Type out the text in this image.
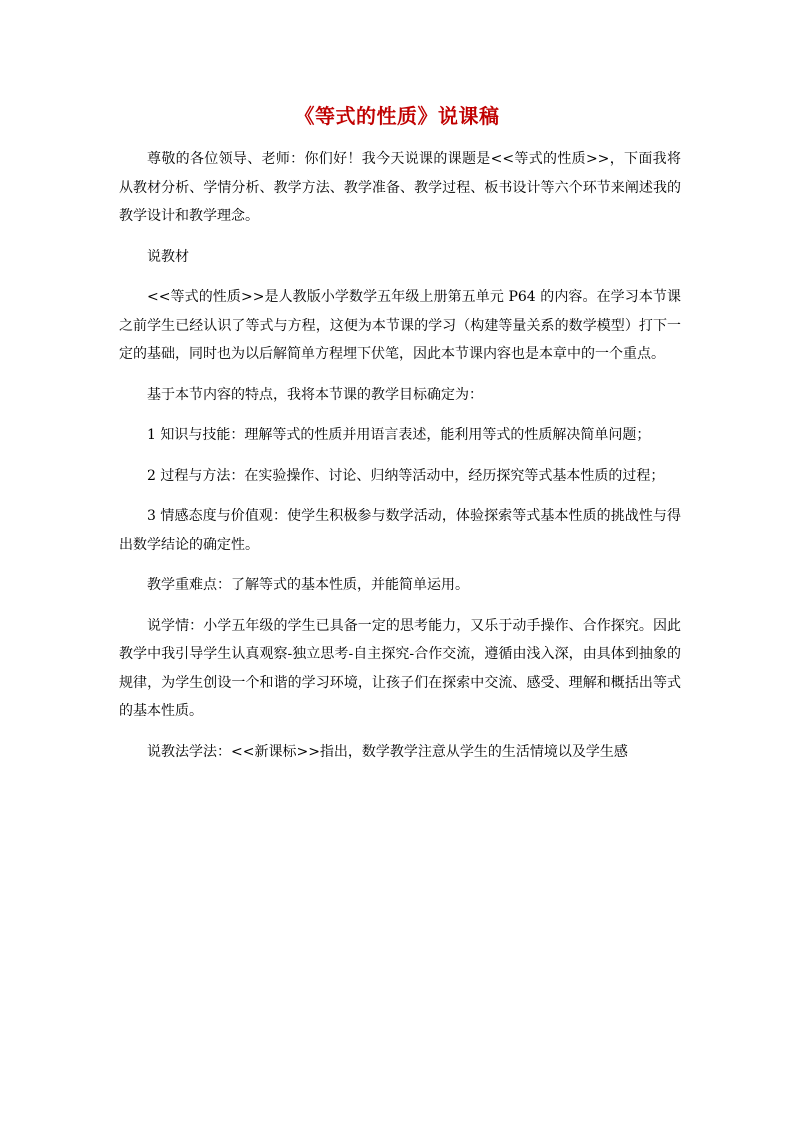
《等式的性质》说课稿

尊敬的各位领导、老师：你们好！我今天说课的课题是<<等式的性质>>，下面我将从教材分析、学情分析、教学方法、教学准备、教学过程、板书设计等六个环节来阐述我的教学设计和教学理念。

说教材

<<等式的性质>>是人教版小学数学五年级上册第五单元 P64 的内容。在学习本节课之前学生已经认识了等式与方程，这便为本节课的学习（构建等量关系的数学模型）打下一定的基础，同时也为以后解简单方程埋下伏笔，因此本节课内容也是本章中的一个重点。

基于本节内容的特点，我将本节课的教学目标确定为：

1 知识与技能：理解等式的性质并用语言表述，能利用等式的性质解决简单问题；

2 过程与方法：在实验操作、讨论、归纳等活动中，经历探究等式基本性质的过程；

3 情感态度与价值观：使学生积极参与数学活动，体验探索等式基本性质的挑战性与得出数学结论的确定性。

教学重难点：了解等式的基本性质，并能简单运用。

说学情：小学五年级的学生已具备一定的思考能力，又乐于动手操作、合作探究。因此教学中我引导学生认真观察-独立思考-自主探究-合作交流，遵循由浅入深，由具体到抽象的规律，为学生创设一个和谐的学习环境，让孩子们在探索中交流、感受、理解和概括出等式的基本性质。

说教法学法：<<新课标>>指出，数学教学注意从学生的生活情境以及学生感
